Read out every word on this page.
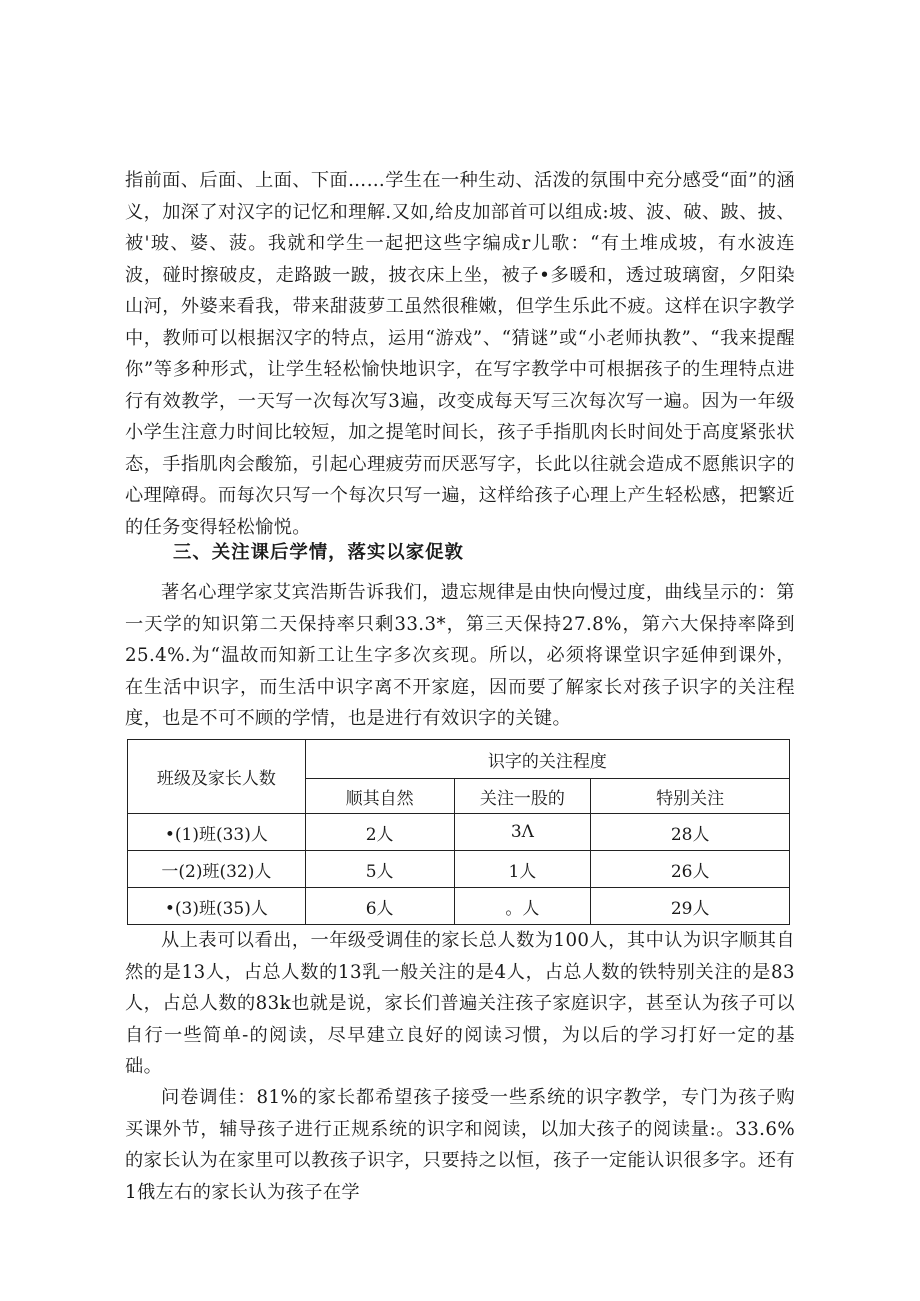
指前面、后面、上面、下面……学生在一种生动、活泼的氛围中充分感受“面”的涵义，加深了对汉字的记忆和理解.又如,给皮加部首可以组成:坡、波、破、跛、披、被'玻、婆、菠。我就和学生一起把这些字编成r儿歌：“有土堆成坡，有水波连波，碰时擦破皮，走路跛一跛，披衣床上坐，被子•多暖和，透过玻璃窗，夕阳染山河，外婆来看我，带来甜菠萝工虽然很稚嫩，但学生乐此不疲。这样在识字教学中，教师可以根据汉字的特点，运用“游戏”、“猜谜”或“小老师执教”、“我来提醒你”等多种形式，让学生轻松愉快地识字，在写字教学中可根据孩子的生理特点进行有效教学，一天写一次每次写3遍，改变成每天写三次每次写一遍。因为一年级小学生注意力时间比较短，加之提笔时间长，孩子手指肌肉长时间处于高度紧张状态，手指肌肉会酸笳，引起心理疲劳而厌恶写字，长此以往就会造成不愿熊识字的心理障碍。而每次只写一个每次只写一遍，这样给孩子心理上产生轻松感，把繁近的任务变得轻松愉悦。

三、关注课后学情，落实以家促敦

著名心理学家艾宾浩斯告诉我们，遗忘规律是由快向慢过度，曲线呈示的：第一天学的知识第二天保持率只剩33.3*，第三天保持27.8%，第六大保持率降到25.4%.为“温故而知新工让生字多次亥现。所以，必须将课堂识字延伸到课外，在生活中识字，而生活中识字离不开家庭，因而要了解家长对孩子识字的关注程度，也是不可不顾的学情，也是进行有效识字的关键。

班级及家长人数	识字的关注程度		
	顺其自然	关注一股的	特别关注
•(1)班(33)人	2人	3Λ	28人
一(2)班(32)人	5人	1人	26人
•(3)班(35)人	6人	。人	29人

从上表可以看出，一年级受调佳的家长总人数为100人，其中认为识字顺其自然的是13人，占总人数的13乳一般关注的是4人，占总人数的铁特别关注的是83人，占总人数的83k也就是说，家长们普遍关注孩子家庭识字，甚至认为孩子可以自行一些简单-的阅读，尽早建立良好的阅读习惯，为以后的学习打好一定的基础。

问卷调佳：81%的家长都希望孩子接受一些系统的识字教学，专门为孩子购买课外节，辅导孩子进行正规系统的识字和阅读，以加大孩子的阅读量:。33.6%的家长认为在家里可以教孩子识字，只要持之以恒，孩子一定能认识很多字。还有1俄左右的家长认为孩子在学
